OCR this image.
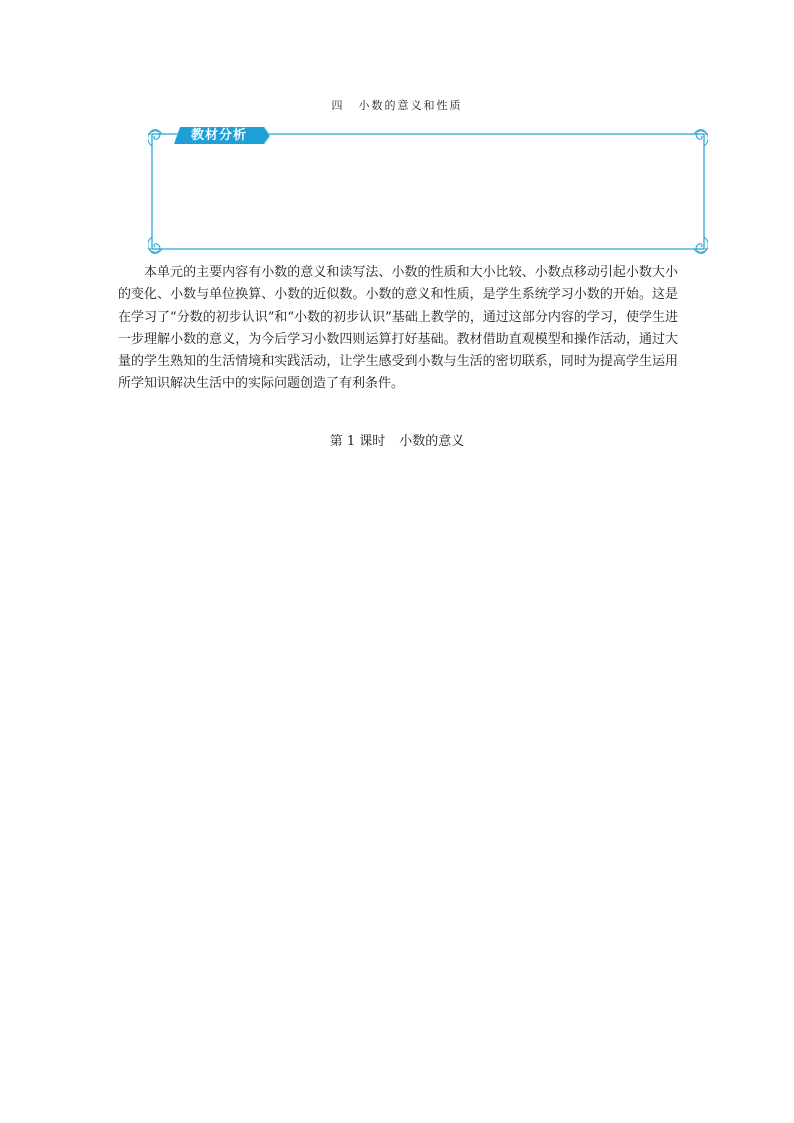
四 小数的意义和性质
教材分析

本单元的主要内容有小数的意义和读写法、小数的性质和大小比较、小数点移动引起小数大小的变化、小数与单位换算、小数的近似数。小数的意义和性质，是学生系统学习小数的开始。这是在学习了“分数的初步认识”和“小数的初步认识”基础上教学的，通过这部分内容的学习，使学生进一步理解小数的意义，为今后学习小数四则运算打好基础。教材借助直观模型和操作活动，通过大量的学生熟知的生活情境和实践活动，让学生感受到小数与生活的密切联系，同时为提高学生运用所学知识解决生活中的实际问题创造了有利条件。

第 1 课时 小数的意义
